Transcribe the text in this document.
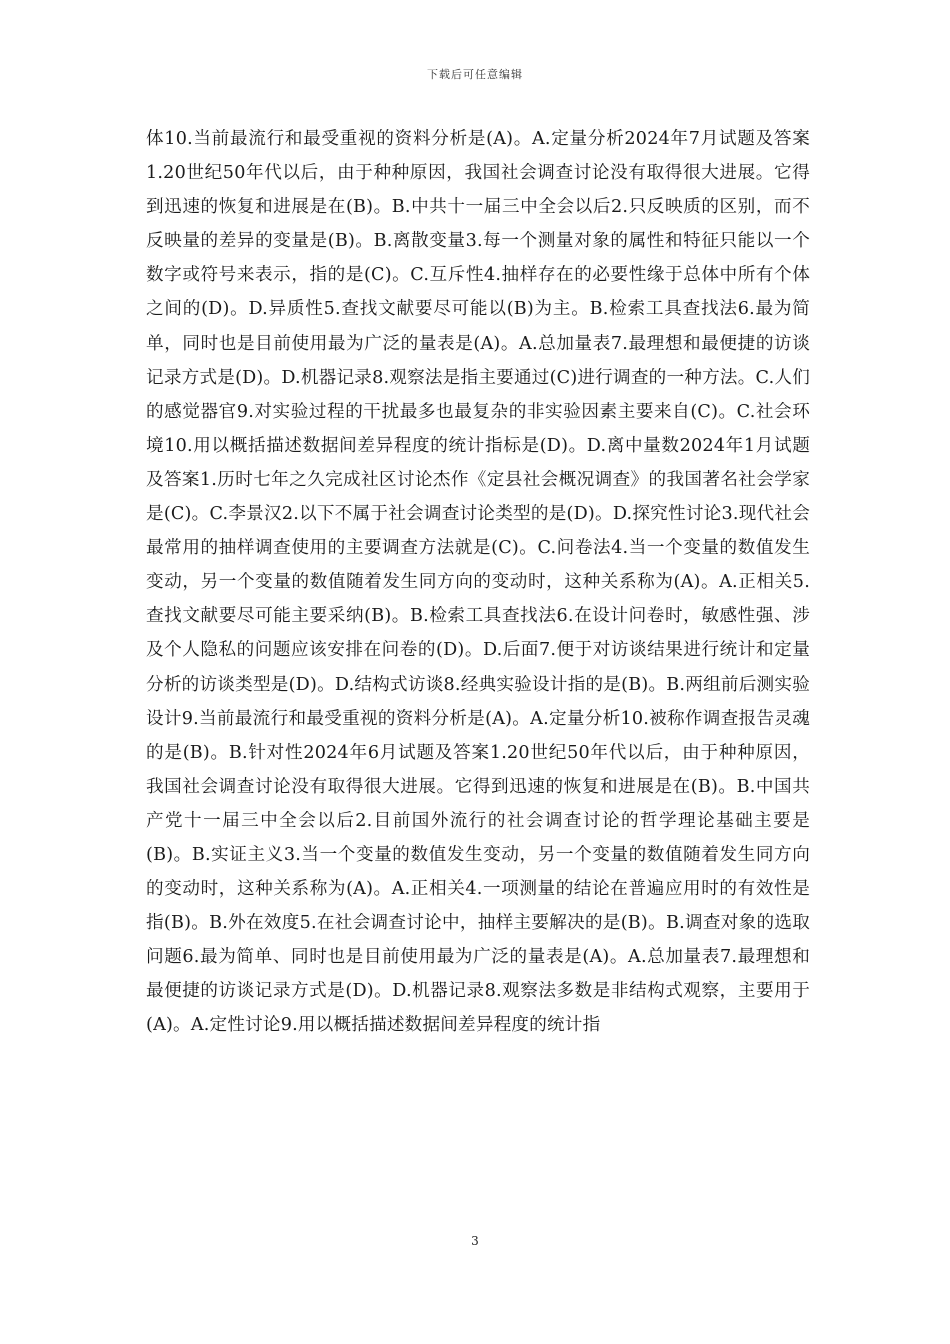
下载后可任意编辑

体10.当前最流行和最受重视的资料分析是(A)。A.定量分析2024年7月试题及答案1.20世纪50年代以后，由于种种原因，我国社会调查讨论没有取得很大进展。它得到迅速的恢复和进展是在(B)。B.中共十一届三中全会以后2.只反映质的区别，而不反映量的差异的变量是(B)。B.离散变量3.每一个测量对象的属性和特征只能以一个数字或符号来表示，指的是(C)。C.互斥性4.抽样存在的必要性缘于总体中所有个体之间的(D)。D.异质性5.查找文献要尽可能以(B)为主。B.检索工具查找法6.最为简单，同时也是目前使用最为广泛的量表是(A)。A.总加量表7.最理想和最便捷的访谈记录方式是(D)。D.机器记录8.观察法是指主要通过(C)进行调查的一种方法。C.人们的感觉器官9.对实验过程的干扰最多也最复杂的非实验因素主要来自(C)。C.社会环境10.用以概括描述数据间差异程度的统计指标是(D)。D.离中量数2024年1月试题及答案1.历时七年之久完成社区讨论杰作《定县社会概况调查》的我国著名社会学家是(C)。C.李景汉2.以下不属于社会调查讨论类型的是(D)。D.探究性讨论3.现代社会最常用的抽样调查使用的主要调查方法就是(C)。C.问卷法4.当一个变量的数值发生变动，另一个变量的数值随着发生同方向的变动时，这种关系称为(A)。A.正相关5.查找文献要尽可能主要采纳(B)。B.检索工具查找法6.在设计问卷时，敏感性强、涉及个人隐私的问题应该安排在问卷的(D)。D.后面7.便于对访谈结果进行统计和定量分析的访谈类型是(D)。D.结构式访谈8.经典实验设计指的是(B)。B.两组前后测实验设计9.当前最流行和最受重视的资料分析是(A)。A.定量分析10.被称作调查报告灵魂的是(B)。B.针对性2024年6月试题及答案1.20世纪50年代以后，由于种种原因，我国社会调查讨论没有取得很大进展。它得到迅速的恢复和进展是在(B)。B.中国共产党十一届三中全会以后2.目前国外流行的社会调查讨论的哲学理论基础主要是(B)。B.实证主义3.当一个变量的数值发生变动，另一个变量的数值随着发生同方向的变动时，这种关系称为(A)。A.正相关4.一项测量的结论在普遍应用时的有效性是指(B)。B.外在效度5.在社会调查讨论中，抽样主要解决的是(B)。B.调查对象的选取问题6.最为简单、同时也是目前使用最为广泛的量表是(A)。A.总加量表7.最理想和最便捷的访谈记录方式是(D)。D.机器记录8.观察法多数是非结构式观察，主要用于(A)。A.定性讨论9.用以概括描述数据间差异程度的统计指

3
